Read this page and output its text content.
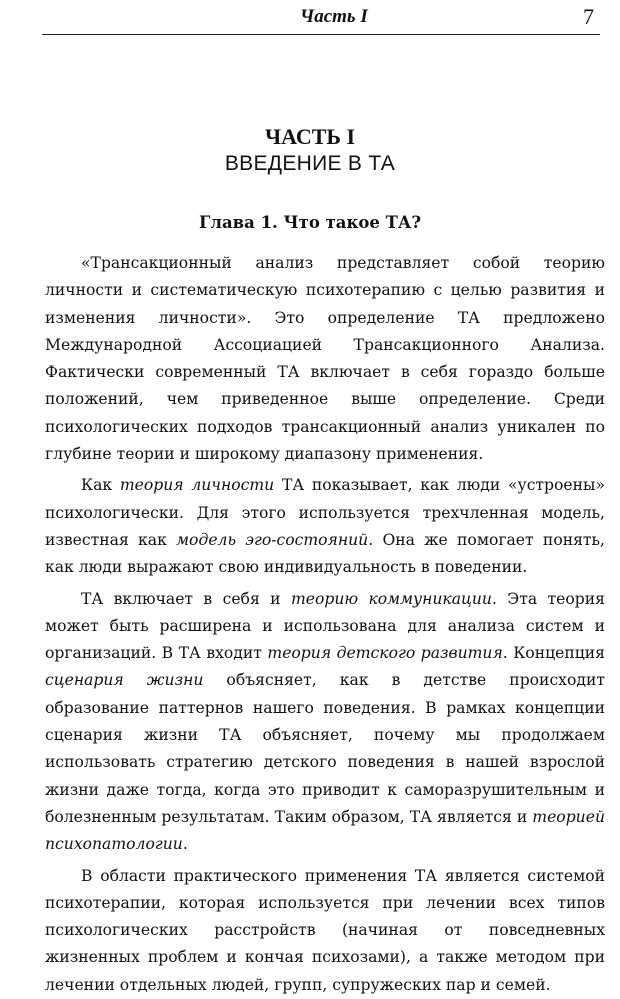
Часть I	7
ЧАСТЬ I
ВВЕДЕНИЕ В ТА
Глава 1. Что такое ТА?

«Трансакционный анализ представляет собой теорию личности и систематическую психотерапию с целью развития и изменения личности». Это определение ТА предложено Международной Ассоциацией Трансакционного Анализа. Фактически современный ТА включает в себя гораздо больше положений, чем приведенное выше определение. Среди психологических подходов трансакционный анализ уникален по глубине теории и широкому диапазону применения.

Как теория личности ТА показывает, как люди «устроены» психологически. Для этого используется трехчленная модель, известная как модель эго-состояний. Она же помогает понять, как люди выражают свою индивидуальность в поведении.

ТА включает в себя и теорию коммуникации. Эта теория может быть расширена и использована для анализа систем и организаций. В ТА входит теория детского развития. Концепция сценария жизни объясняет, как в детстве происходит образование паттернов нашего поведения. В рамках концепции сценария жизни ТА объясняет, почему мы продолжаем использовать стратегию детского поведения в нашей взрослой жизни даже тогда, когда это приводит к саморазрушительным и болезненным результатам. Таким образом, ТА является и теорией психопатологии.

В области практического применения ТА является системой психотерапии, которая используется при лечении всех типов психологических расстройств (начиная от повседневных жизненных проблем и кончая психозами), а также методом при лечении отдельных людей, групп, супружеских пар и семей.
